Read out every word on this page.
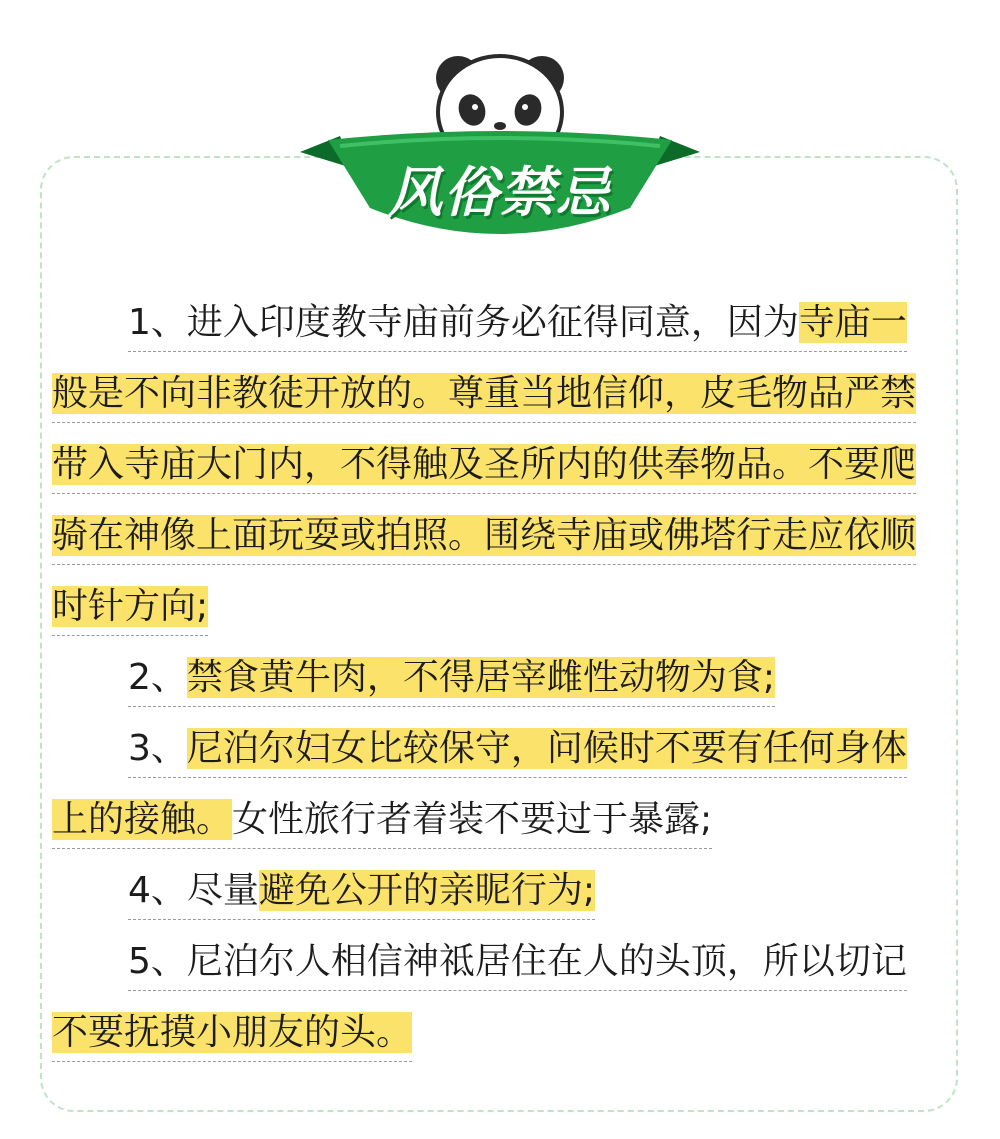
风俗禁忌
1、进入印度教寺庙前务必征得同意，因为寺庙一
般是不向非教徒开放的。尊重当地信仰，皮毛物品严禁
带入寺庙大门内，不得触及圣所内的供奉物品。不要爬
骑在神像上面玩耍或拍照。围绕寺庙或佛塔行走应依顺
时针方向;
2、禁食黄牛肉，不得居宰雌性动物为食;
3、尼泊尔妇女比较保守，问候时不要有任何身体
上的接触。女性旅行者着装不要过于暴露;
4、尽量避免公开的亲昵行为;
5、尼泊尔人相信神祗居住在人的头顶，所以切记
不要抚摸小朋友的头。
